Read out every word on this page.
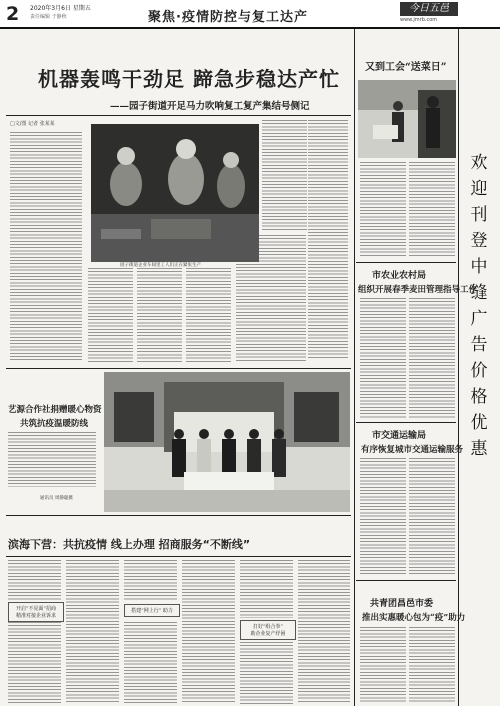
2 2020年3月6日 星期五
责任编辑 于静秋	聚焦·疫情防控与复工达产
今日五邑
www.jmrb.com
机器轰鸣干劲足 蹄急步稳达产忙
——园子街道开足马力吹响复工复产集结号侧记
□文/图 记者 张某某
园子街道企业车间里工人们正在紧张生产
又到工会“送菜日”
欢
迎
刊
登
中
缝
广
告
价
格
优
惠
市农业农村局
组织开展春季麦田管理指导工作
市交通运输局
有序恢复城市交通运输服务
共青团昌邑市委
推出实惠暖心包为“疫”助力
艺源合作社捐赠暖心物资
共筑抗疫温暖防线
通讯员 周静聪摄
滨海下营：共抗疫情 线上办理 招商服务“不断线”
开启“不见面”招商
精准对接企业诉求
搭建“网上行” 助力
打好“组合拳”
助企业复产纾困
